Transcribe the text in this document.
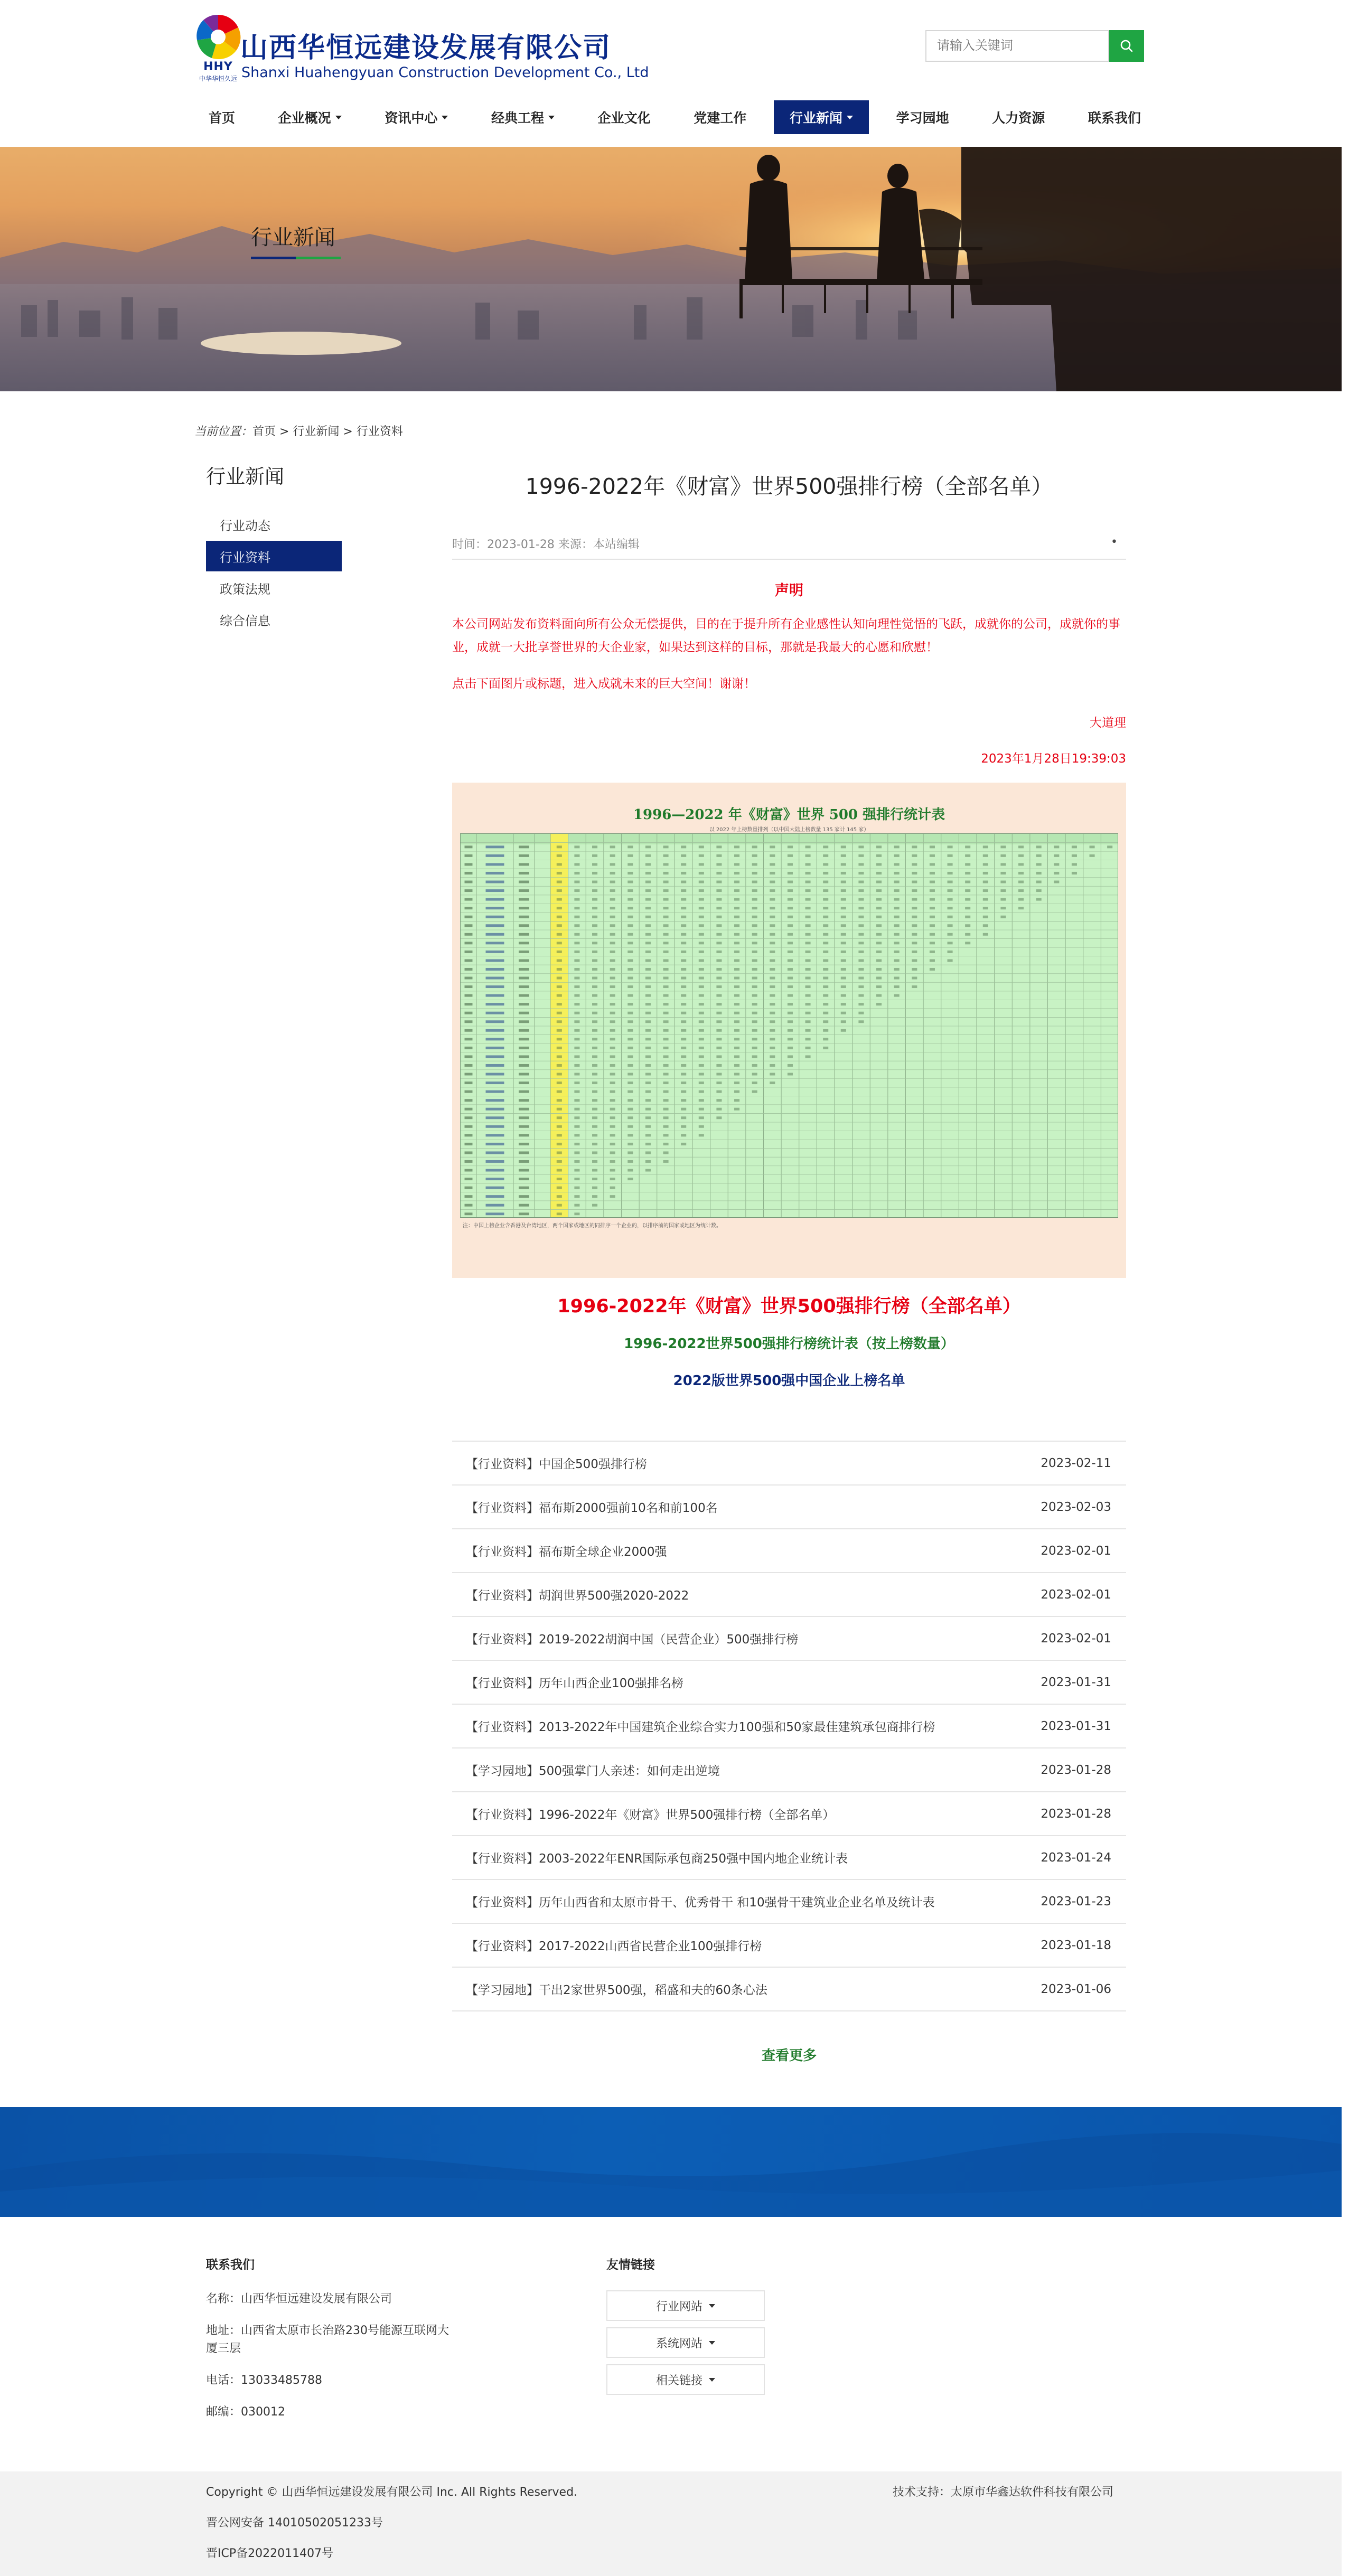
HHY
中华华恒久远
山西华恒远建设发展有限公司
Shanxi Huahengyuan Construction Development Co., Ltd
请输入关键词
首页	企业概况	资讯中心	经典工程	企业文化	党建工作	行业新闻	学习园地	人力资源	联系我们
行业新闻
当前位置：首页 > 行业新闻 > 行业资料
行业新闻
行业动态
行业资料
政策法规
综合信息
1996-2022年《财富》世界500强排行榜（全部名单）
时间：2023-01-28 来源：本站编辑	•
声明
本公司网站发布资料面向所有公众无偿提供，目的在于提升所有企业感性认知向理性觉悟的飞跃，成就你的公司，成就你的事业，成就一大批享誉世界的大企业家，如果达到这样的目标，那就是我最大的心愿和欣慰！
点击下面图片或标题，进入成就未来的巨大空间！谢谢！
大道理
2023年1月28日19:39:03
1996—2022 年《财富》世界 500 强排行统计表
以 2022 年上榜数量排列（以中国大陆上榜数量 135 家计 145 家）
注：中国上榜企业含香港及台湾地区，两个国家或地区的同排序一个企业的，以排序前的国家或地区为统计数。
1996-2022年《财富》世界500强排行榜（全部名单）
1996-2022世界500强排行榜统计表（按上榜数量）
2022版世界500强中国企业上榜名单
【行业资料】中国企500强排行榜	2023-02-11
【行业资料】福布斯2000强前10名和前100名	2023-02-03
【行业资料】福布斯全球企业2000强	2023-02-01
【行业资料】胡润世界500强2020-2022	2023-02-01
【行业资料】2019-2022胡润中国（民营企业）500强排行榜	2023-02-01
【行业资料】历年山西企业100强排名榜	2023-01-31
【行业资料】2013-2022年中国建筑企业综合实力100强和50家最佳建筑承包商排行榜	2023-01-31
【学习园地】500强掌门人亲述：如何走出逆境	2023-01-28
【行业资料】1996-2022年《财富》世界500强排行榜（全部名单）	2023-01-28
【行业资料】2003-2022年ENR国际承包商250强中国内地企业统计表	2023-01-24
【行业资料】历年山西省和太原市骨干、优秀骨干 和10强骨干建筑业企业名单及统计表	2023-01-23
【行业资料】2017-2022山西省民营企业100强排行榜	2023-01-18
【学习园地】干出2家世界500强，稻盛和夫的60条心法	2023-01-06
查看更多
联系我们
名称：山西华恒远建设发展有限公司
地址：山西省太原市长治路230号能源互联网大厦三层
电话：13033485788
邮编：030012
友情链接
行业网站
系统网站
相关链接
Copyright © 山西华恒远建设发展有限公司 Inc. All Rights Reserved.
晋公网安备 14010502051233号
晋ICP备2022011407号
技术支持：太原市华鑫达软件科技有限公司
